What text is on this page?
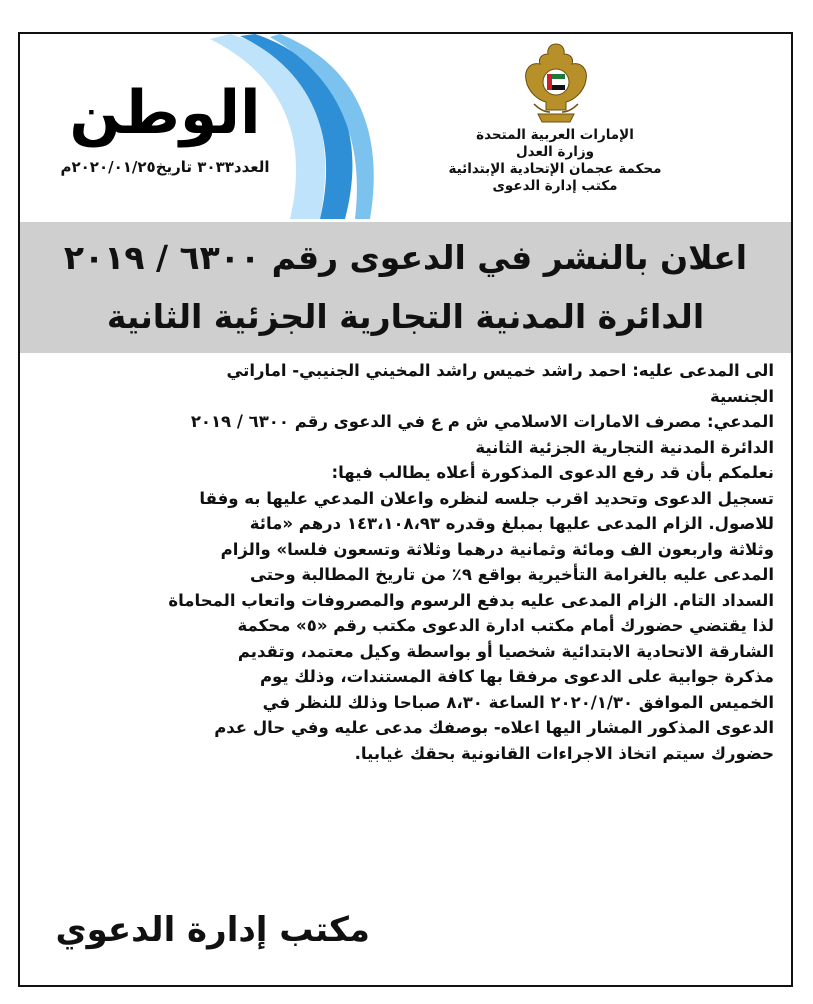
الوطن
العدد٣٠٣٣ تاريخ٢٠٢٠/٠١/٢٥م
الإمارات العربية المتحدة
وزارة العدل
محكمة عجمان الإتحادية الإبتدائية
مكتب إدارة الدعوى
اعلان بالنشر في الدعوى رقم ٦٣٠٠ / ٢٠١٩
الدائرة المدنية التجارية الجزئية الثانية
الى المدعى عليه: احمد راشد خميس راشد المخيني الجنيبي- اماراتي
الجنسية
المدعي: مصرف الامارات الاسلامي ش م ع في الدعوى رقم ٦٣٠٠ / ٢٠١٩
الدائرة المدنية التجارية الجزئية الثانية
نعلمكم بأن قد رفع الدعوى المذكورة أعلاه يطالب فيها:
تسجيل الدعوى وتحديد اقرب جلسه لنظره واعلان المدعي عليها به وفقا
للاصول. الزام المدعى عليها بمبلغ وقدره ١٤٣،١٠٨،٩٣ درهم «مائة
وثلاثة واربعون الف ومائة وثمانية درهما وثلاثة وتسعون فلسا» والزام
المدعى عليه بالغرامة التأخيرية بواقع ٩٪ من تاريخ المطالبة وحتى
السداد التام. الزام المدعى عليه بدفع الرسوم والمصروفات واتعاب المحاماة
لذا يقتضي حضورك أمام مكتب ادارة الدعوى مكتب رقم «٥» محكمة
الشارقة الاتحادية الابتدائية شخصيا أو بواسطة وكيل معتمد، وتقديم
مذكرة جوابية على الدعوى مرفقا بها كافة المستندات، وذلك يوم
الخميس الموافق ٢٠٢٠/١/٣٠ الساعة ٨،٣٠ صباحا وذلك للنظر في
الدعوى المذكور المشار اليها اعلاه- بوصفك مدعى عليه وفي حال عدم
حضورك سيتم اتخاذ الاجراءات القانونية بحقك غيابيا.
مكتب إدارة الدعوي
